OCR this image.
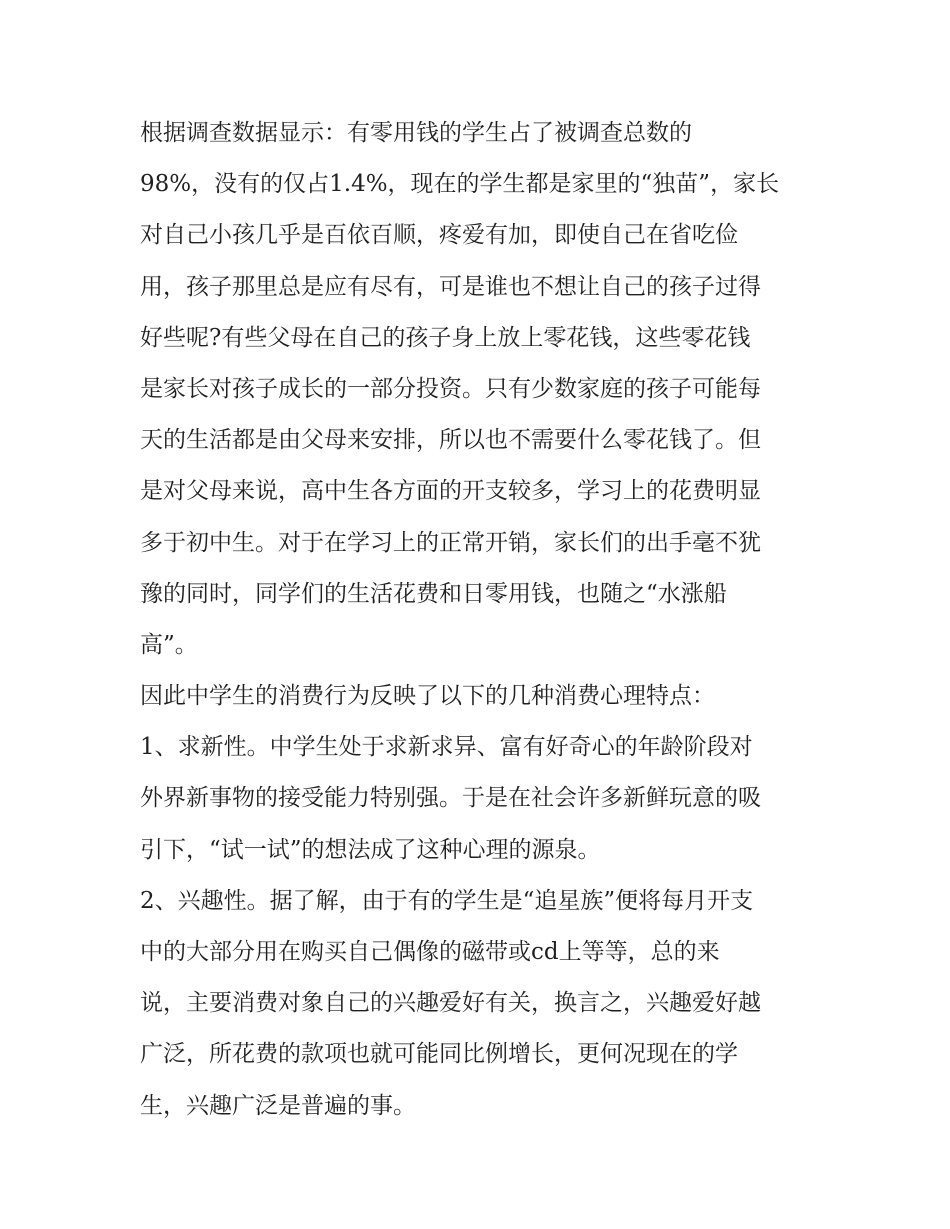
根据调查数据显示：有零用钱的学生占了被调查总数的
98%，没有的仅占1.4%，现在的学生都是家里的“独苗”，家长
对自己小孩几乎是百依百顺，疼爱有加，即使自己在省吃俭
用，孩子那里总是应有尽有，可是谁也不想让自己的孩子过得
好些呢?有些父母在自己的孩子身上放上零花钱，这些零花钱
是家长对孩子成长的一部分投资。只有少数家庭的孩子可能每
天的生活都是由父母来安排，所以也不需要什么零花钱了。但
是对父母来说，高中生各方面的开支较多，学习上的花费明显
多于初中生。对于在学习上的正常开销，家长们的出手毫不犹
豫的同时，同学们的生活花费和日零用钱，也随之“水涨船
高”。
因此中学生的消费行为反映了以下的几种消费心理特点：
1、求新性。中学生处于求新求异、富有好奇心的年龄阶段对
外界新事物的接受能力特别强。于是在社会许多新鲜玩意的吸
引下，“试一试”的想法成了这种心理的源泉。
2、兴趣性。据了解，由于有的学生是“追星族”便将每月开支
中的大部分用在购买自己偶像的磁带或cd上等等，总的来
说，主要消费对象自己的兴趣爱好有关，换言之，兴趣爱好越
广泛，所花费的款项也就可能同比例增长，更何况现在的学
生，兴趣广泛是普遍的事。
